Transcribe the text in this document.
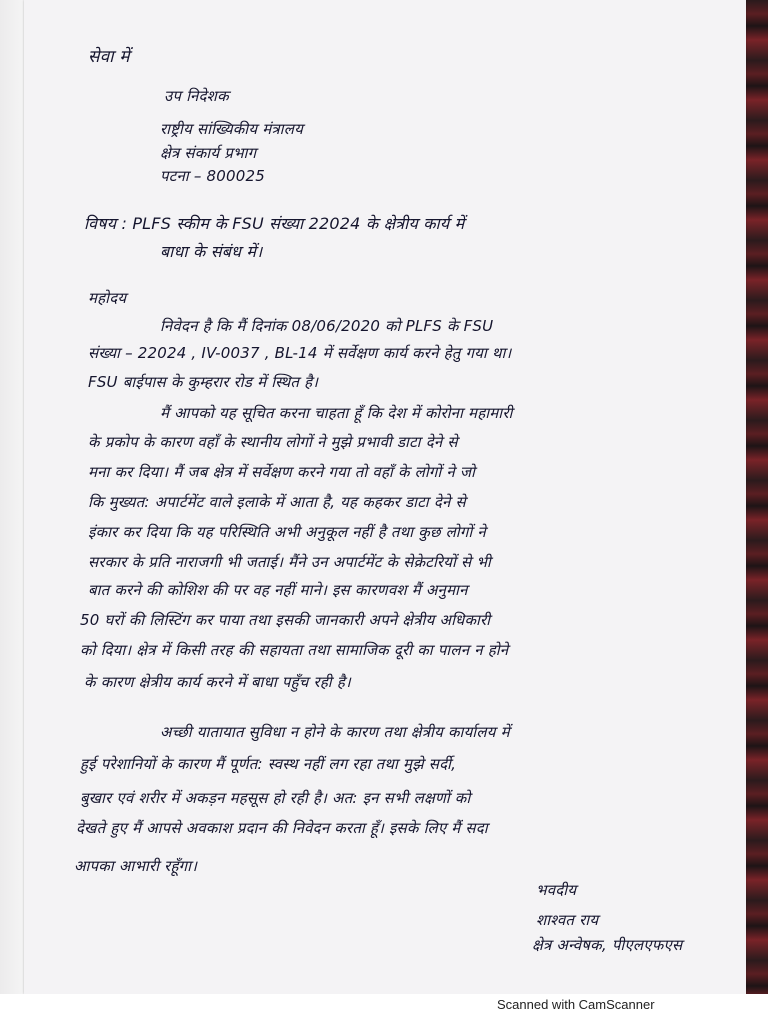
सेवा में

उप निदेशक

राष्ट्रीय सांख्यिकीय मंत्रालय

क्षेत्र संकार्य प्रभाग

पटना – 800025

विषय : PLFS स्कीम के FSU संख्या 22024 के क्षेत्रीय कार्य में

बाधा के संबंध में।

महोदय

निवेदन है कि मैं दिनांक 08/06/2020 को PLFS के FSU

संख्या – 22024 , IV-0037 , BL-14 में सर्वेक्षण कार्य करने हेतु गया था।

FSU बाईपास के कुम्हरार रोड में स्थित है।

मैं आपको यह सूचित करना चाहता हूँ कि देश में कोरोना महामारी

के प्रकोप के कारण वहाँ के स्थानीय लोगों ने मुझे प्रभावी डाटा देने से

मना कर दिया। मैं जब क्षेत्र में सर्वेक्षण करने गया तो वहाँ के लोगों ने जो

कि मुख्यत: अपार्टमेंट वाले इलाके में आता है, यह कहकर डाटा देने से

इंकार कर दिया कि यह परिस्थिति अभी अनुकूल नहीं है तथा कुछ लोगों ने

सरकार के प्रति नाराजगी भी जताई। मैंने उन अपार्टमेंट के सेक्रेटरियों से भी

बात करने की कोशिश की पर वह नहीं माने। इस कारणवश मैं अनुमान

50 घरों की लिस्टिंग कर पाया तथा इसकी जानकारी अपने क्षेत्रीय अधिकारी

को दिया। क्षेत्र में किसी तरह की सहायता तथा सामाजिक दूरी का पालन न होने

के कारण क्षेत्रीय कार्य करने में बाधा पहुँच रही है।

अच्छी यातायात सुविधा न होने के कारण तथा क्षेत्रीय कार्यालय में

हुई परेशानियों के कारण मैं पूर्णत: स्वस्थ नहीं लग रहा तथा मुझे सर्दी,

बुखार एवं शरीर में अकड़न महसूस हो रही है। अत: इन सभी लक्षणों को

देखते हुए मैं आपसे अवकाश प्रदान की निवेदन करता हूँ। इसके लिए मैं सदा

आपका आभारी रहूँगा।

भवदीय

शाश्वत राय

क्षेत्र अन्वेषक, पीएलएफएस

Scanned with CamScanner
